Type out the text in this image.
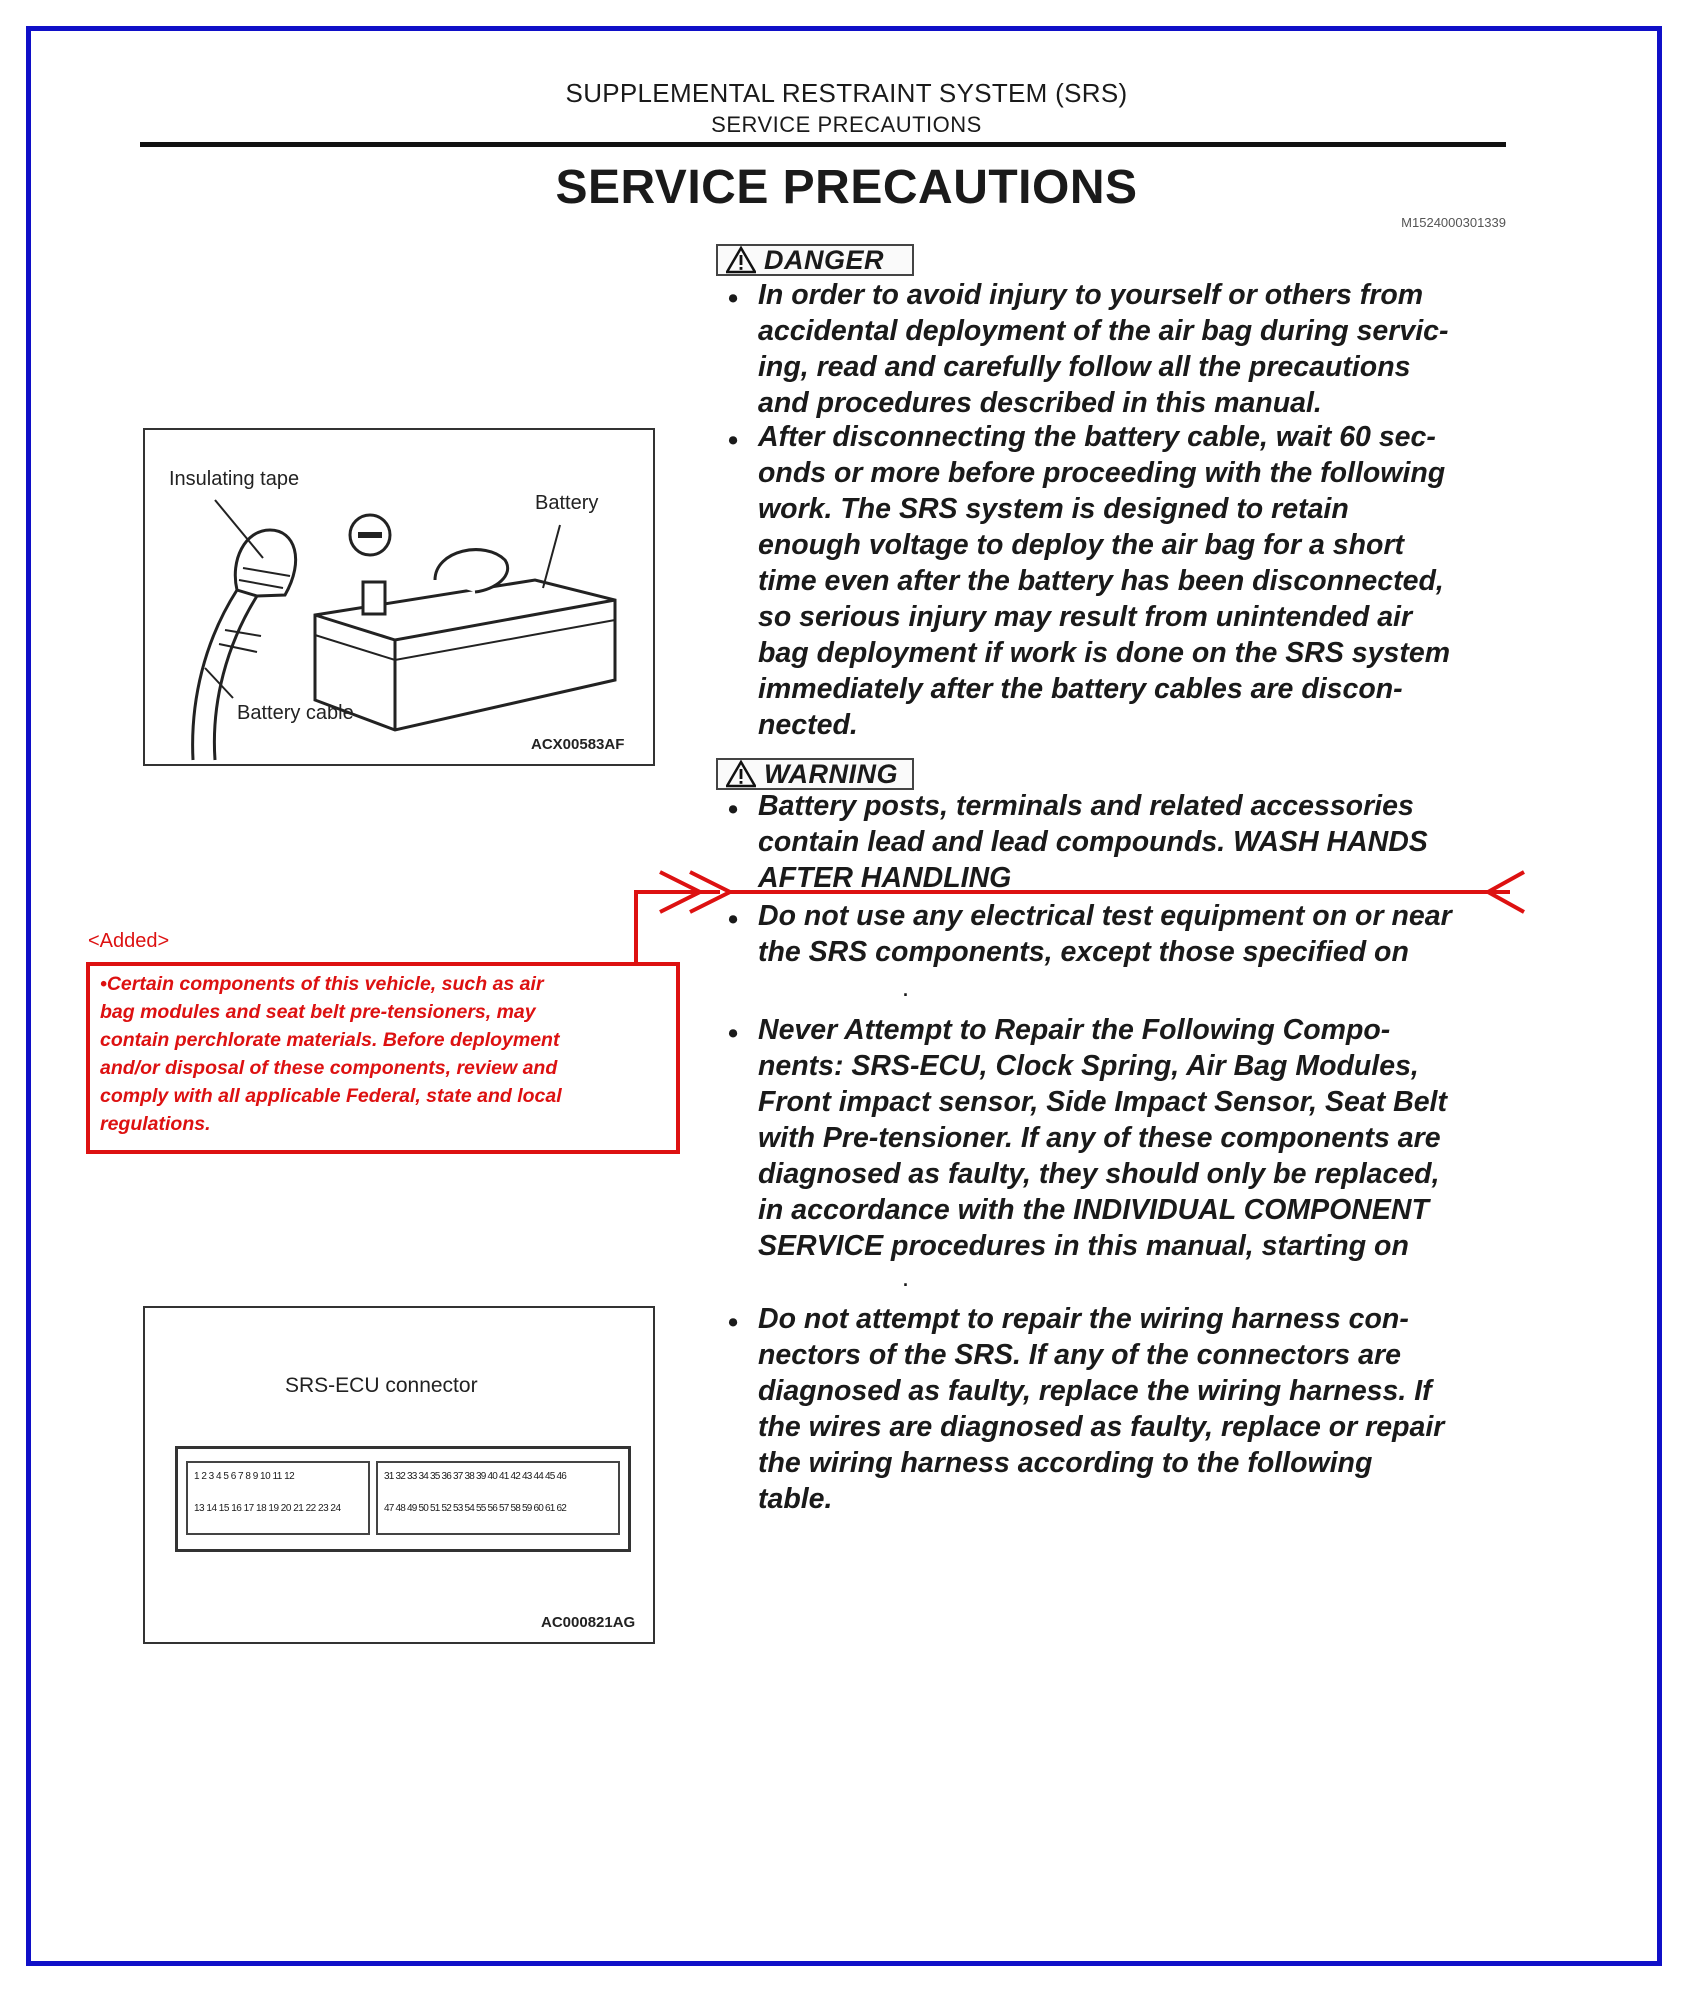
SUPPLEMENTAL RESTRAINT SYSTEM (SRS)
SERVICE PRECAUTIONS
SERVICE PRECAUTIONS
M1524000301339
DANGER
• In order to avoid injury to yourself or others from
accidental deployment of the air bag during servic-
ing, read and carefully follow all the precautions
and procedures described in this manual.
• After disconnecting the battery cable, wait 60 sec-
onds or more before proceeding with the following
work. The SRS system is designed to retain
enough voltage to deploy the air bag for a short
time even after the battery has been disconnected,
so serious injury may result from unintended air
bag deployment if work is done on the SRS system
immediately after the battery cables are discon-
nected.
WARNING
• Battery posts, terminals and related accessories
contain lead and lead compounds. WASH HANDS
AFTER HANDLING
• Do not use any electrical test equipment on or near
the SRS components, except those specified on
.
• Never Attempt to Repair the Following Compo-
nents: SRS-ECU, Clock Spring, Air Bag Modules,
Front impact sensor, Side Impact Sensor, Seat Belt
with Pre-tensioner. If any of these components are
diagnosed as faulty, they should only be replaced,
in accordance with the INDIVIDUAL COMPONENT
SERVICE procedures in this manual, starting on
.
• Do not attempt to repair the wiring harness con-
nectors of the SRS. If any of the connectors are
diagnosed as faulty, replace the wiring harness. If
the wires are diagnosed as faulty, replace or repair
the wiring harness according to the following
table.
Insulating tape
Battery
Battery cable
ACX00583AF
SRS-ECU connector
1 2 3 4 5 6 7 8 9 10 11 12
13 14 15 16 17 18 19 20 21 22 23 24
31 32 33 34 35 36 37 38 39 40 41 42 43 44 45 46
47 48 49 50 51 52 53 54 55 56 57 58 59 60 61 62
AC000821AG
<Added>
•Certain components of this vehicle, such as air
bag modules and seat belt pre-tensioners, may
contain perchlorate materials. Before deployment
and/or disposal of these components, review and
comply with all applicable Federal, state and local
regulations.
